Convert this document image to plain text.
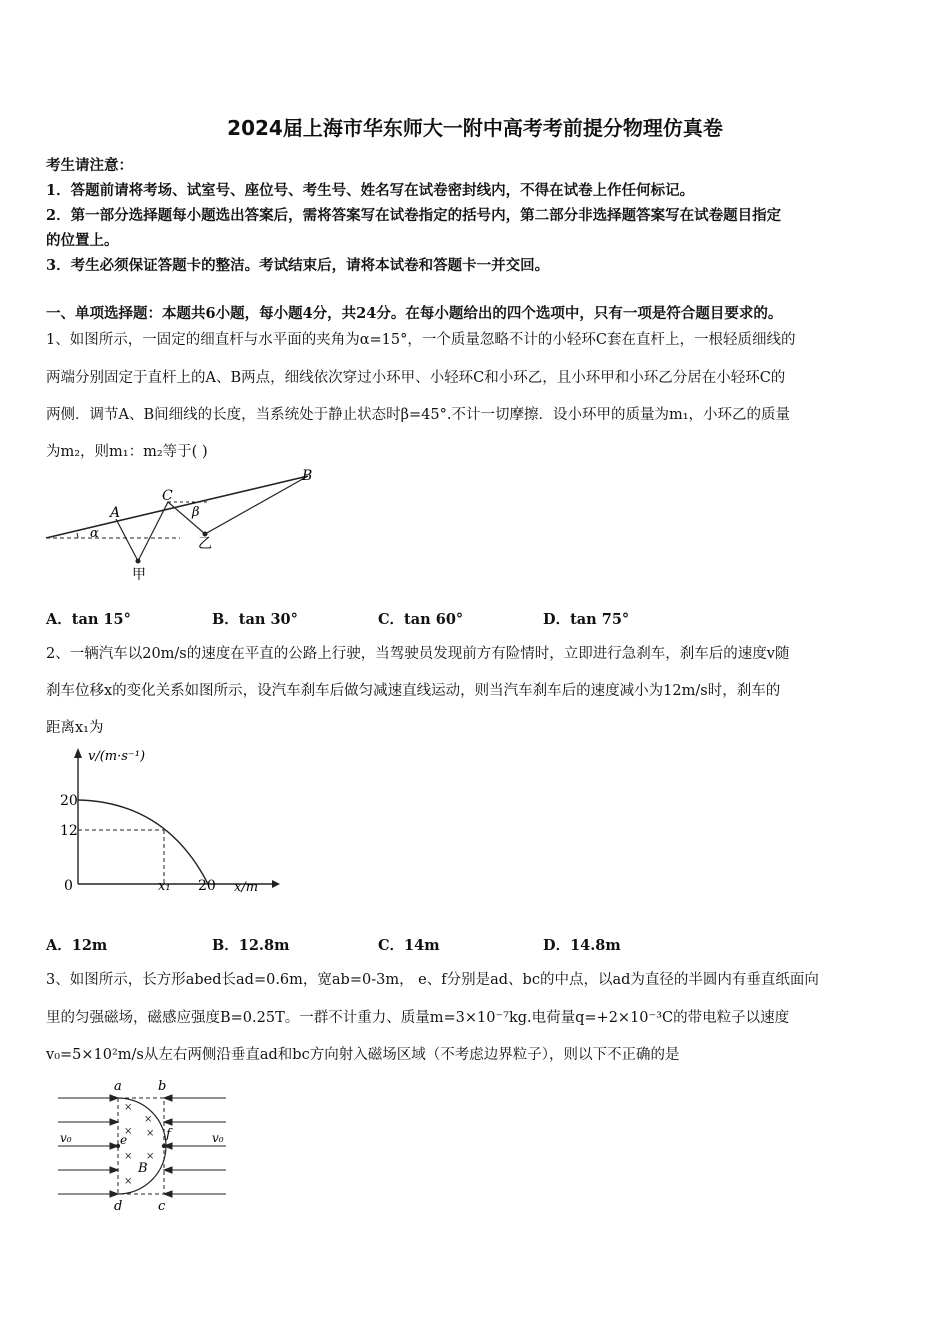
2024届上海市华东师大一附中高考考前提分物理仿真卷
考生请注意：
1．答题前请将考场、试室号、座位号、考生号、姓名写在试卷密封线内，不得在试卷上作任何标记。
2．第一部分选择题每小题选出答案后，需将答案写在试卷指定的括号内，第二部分非选择题答案写在试卷题目指定
的位置上。
3．考生必须保证答题卡的整洁。考试结束后，请将本试卷和答题卡一并交回。
一、单项选择题：本题共6小题，每小题4分，共24分。在每小题给出的四个选项中，只有一项是符合题目要求的。
1、如图所示，一固定的细直杆与水平面的夹角为α=15°，一个质量忽略不计的小轻环C套在直杆上，一根轻质细线的
两端分别固定于直杆上的A、B两点，细线依次穿过小环甲、小轻环C和小环乙，且小环甲和小环乙分居在小轻环C的
两侧．调节A、B间细线的长度，当系统处于静止状态时β=45°.不计一切摩擦．设小环甲的质量为m₁，小环乙的质量
为m₂，则m₁：m₂等于( )
A
C
B
α
β
甲
乙
A．tan 15°	B．tan 30°	C．tan 60°	D．tan 75°
2、一辆汽车以20m/s的速度在平直的公路上行驶，当驾驶员发现前方有险情时，立即进行急刹车，刹车后的速度v随
刹车位移x的变化关系如图所示，设汽车刹车后做匀减速直线运动，则当汽车刹车后的速度减小为12m/s时，刹车的
距离x₁为
v/(m·s⁻¹)
x/m
20
12
0	x₁ 20
A．12m	B．12.8m	C．14m	D．14.8m
3、如图所示，长方形abed长ad=0.6m，宽ab=0-3m， e、f分别是ad、bc的中点，以ad为直径的半圆内有垂直纸面向
里的匀强磁场，磁感应强度B=0.25T。一群不计重力、质量m=3×10⁻⁷kg.电荷量q=+2×10⁻³C的带电粒子以速度
v₀=5×10²m/s从左右两侧沿垂直ad和bc方向射入磁场区域（不考虑边界粒子），则以下不正确的是
×
×
×
×
×
×
×
a	b
c
d
e	f
B
v₀	v₀
